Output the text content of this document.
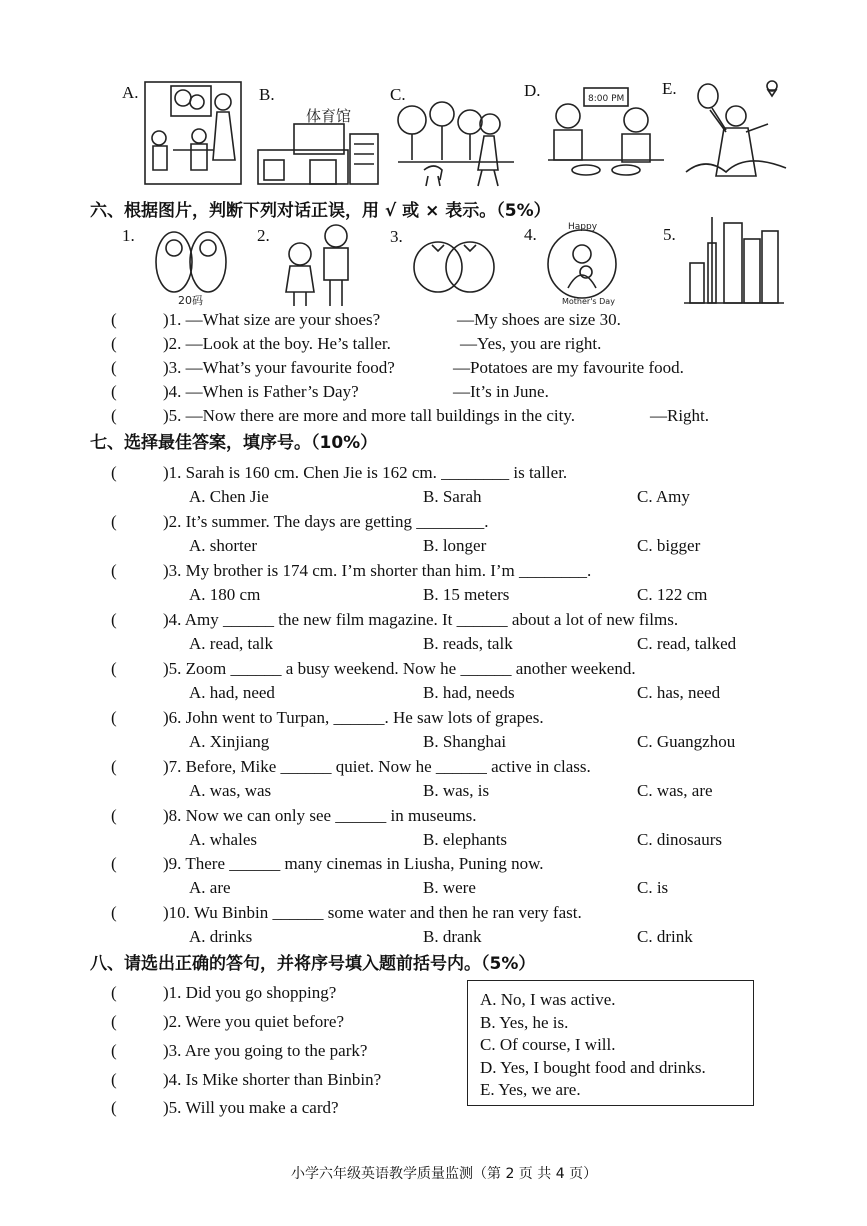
A.	B.	C.	D.	E.
体育馆
8:00 PM
六、根据图片，判断下列对话正误，用 √ 或 × 表示。（5%）
1.	2.	3.	4.	5.
20码
Happy
Mother's Day
(	)1. —What size are your shoes?	—My shoes are size 30.
(	)2. —Look at the boy. He’s taller.	—Yes, you are right.
(	)3. —What’s your favourite food?	—Potatoes are my favourite food.
(	)4. —When is Father’s Day?	—It’s in June.
(	)5. —Now there are more and more tall buildings in the city.	—Right.
七、选择最佳答案，填序号。（10%）
(	)1. Sarah is 160 cm. Chen Jie is 162 cm. ________ is taller.
A. Chen Jie	B. Sarah	C. Amy
(	)2. It’s summer. The days are getting ________.
A. shorter	B. longer	C. bigger
(	)3. My brother is 174 cm. I’m shorter than him. I’m ________.
A. 180 cm	B. 15 meters	C. 122 cm
(	)4. Amy ______ the new film magazine. It ______ about a lot of new films.
A. read, talk	B. reads, talk	C. read, talked
(	)5. Zoom ______ a busy weekend. Now he ______ another weekend.
A. had, need	B. had, needs	C. has, need
(	)6. John went to Turpan, ______. He saw lots of grapes.
A. Xinjiang	B. Shanghai	C. Guangzhou
(	)7. Before, Mike ______ quiet. Now he ______ active in class.
A. was, was	B. was, is	C. was, are
(	)8. Now we can only see ______ in museums.
A. whales	B. elephants	C. dinosaurs
(	)9. There ______ many cinemas in Liusha, Puning now.
A. are	B. were	C. is
(	)10. Wu Binbin ______ some water and then he ran very fast.
A. drinks	B. drank	C. drink
八、请选出正确的答句，并将序号填入题前括号内。（5%）
(	)1. Did you go shopping?
(	)2. Were you quiet before?
(	)3. Are you going to the park?
(	)4. Is Mike shorter than Binbin?
(	)5. Will you make a card?
A. No, I was active.
B. Yes, he is.
C. Of course, I will.
D. Yes, I bought food and drinks.
E. Yes, we are.
小学六年级英语教学质量监测（第 2 页 共 4 页）
